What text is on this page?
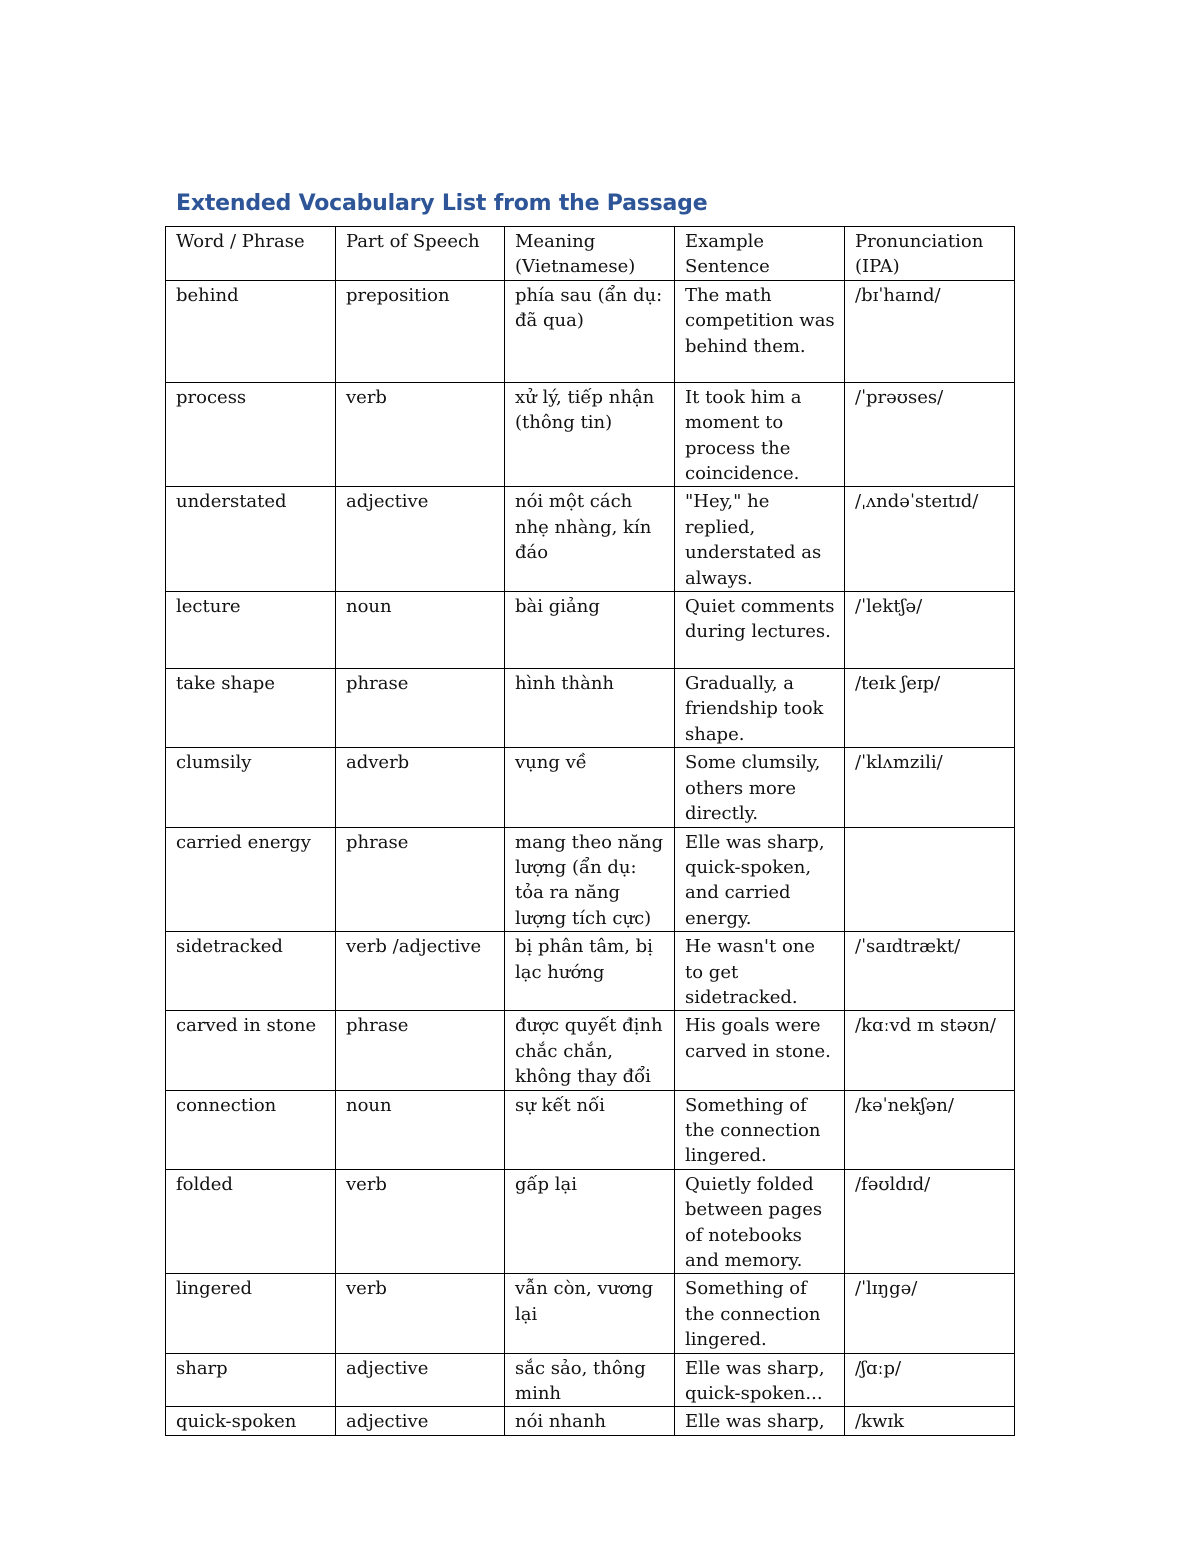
Extended Vocabulary List from the Passage
Word / Phrase	Part of Speech	Meaning (Vietnamese)	Example Sentence	Pronunciation (IPA)
behind	preposition	phía sau (ẩn dụ: đã qua)	The math competition was behind them.	/bɪˈhaɪnd/
process	verb	xử lý, tiếp nhận (thông tin)	It took him a moment to process the coincidence.	/ˈprəʊses/
understated	adjective	nói một cách nhẹ nhàng, kín đáo	"Hey," he replied, understated as always.	/ˌʌndəˈsteɪtɪd/
lecture	noun	bài giảng	Quiet comments during lectures.	/ˈlektʃə/
take shape	phrase	hình thành	Gradually, a friendship took shape.	/teɪk ʃeɪp/
clumsily	adverb	vụng về	Some clumsily, others more directly.	/ˈklʌmzili/
carried energy	phrase	mang theo năng lượng (ẩn dụ: tỏa ra năng lượng tích cực)	Elle was sharp, quick-spoken, and carried energy.	
sidetracked	verb /adjective	bị phân tâm, bị lạc hướng	He wasn't one to get sidetracked.	/ˈsaɪdtrækt/
carved in stone	phrase	được quyết định chắc chắn, không thay đổi	His goals were carved in stone.	/kɑːvd ɪn stəʊn/
connection	noun	sự kết nối	Something of the connection lingered.	/kəˈnekʃən/
folded	verb	gấp lại	Quietly folded between pages of notebooks and memory.	/fəʊldɪd/
lingered	verb	vẫn còn, vương lại	Something of the connection lingered.	/ˈlɪŋgə/
sharp	adjective	sắc sảo, thông minh	Elle was sharp, quick-spoken...	/ʃɑːp/
quick-spoken	adjective	nói nhanh	Elle was sharp,	/kwɪk
